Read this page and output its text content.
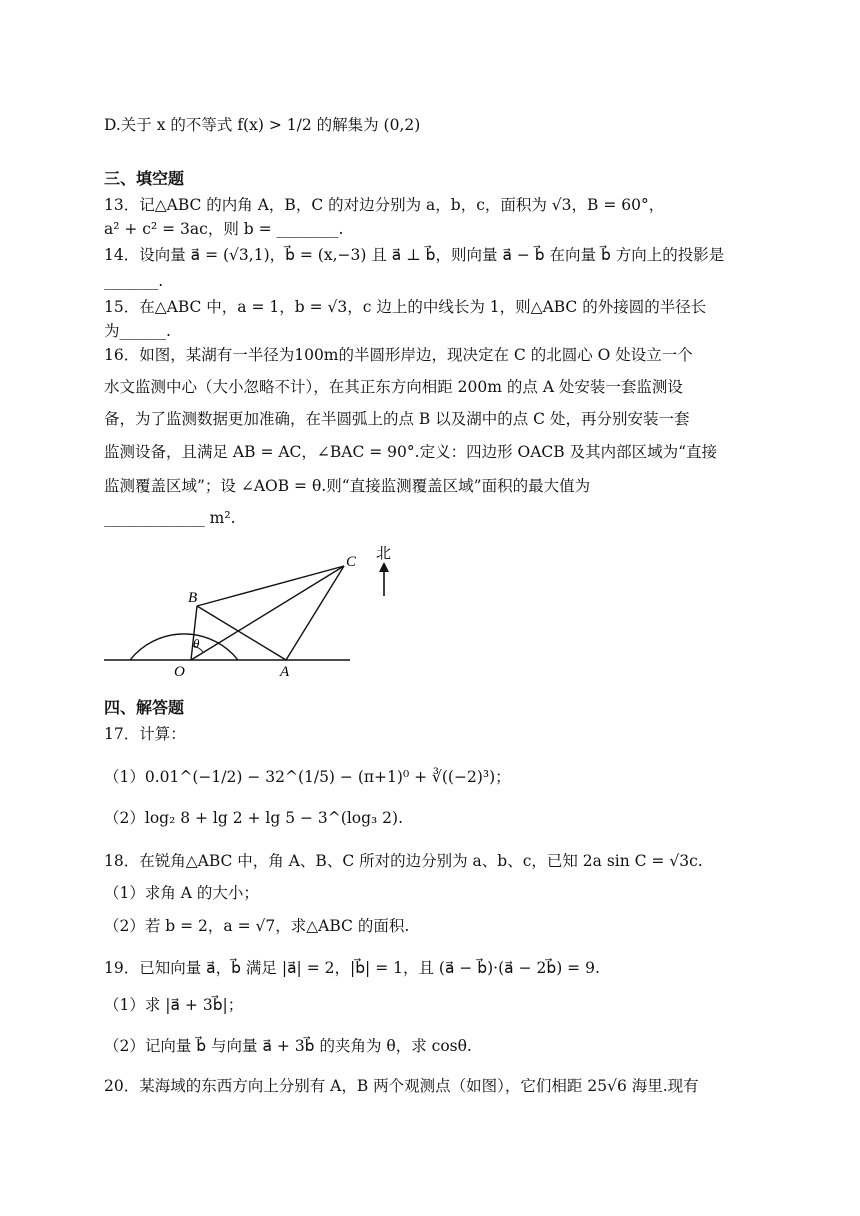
D.关于 x 的不等式 f(x) > 1/2 的解集为 (0,2)
三、填空题
13．记△ABC 的内角 A，B，C 的对边分别为 a，b，c，面积为 √3，B = 60°，
a² + c² = 3ac，则 b = ________.
14．设向量 a⃗ = (√3,1)，b⃗ = (x,−3) 且 a⃗ ⊥ b⃗，则向量 a⃗ − b⃗ 在向量 b⃗ 方向上的投影是
_______.
15．在△ABC 中，a = 1，b = √3，c 边上的中线长为 1，则△ABC 的外接圆的半径长
为______.
16．如图，某湖有一半径为100m的半圆形岸边，现决定在 C 的北圆心 O 处设立一个
水文监测中心（大小忽略不计），在其正东方向相距 200m 的点 A 处安装一套监测设
备，为了监测数据更加准确，在半圆弧上的点 B 以及湖中的点 C 处，再分别安装一套
监测设备，且满足 AB = AC，∠BAC = 90°.定义：四边形 OACB 及其内部区域为“直接
监测覆盖区域”；设 ∠AOB = θ.则“直接监测覆盖区域”面积的最大值为
_____________ m².
C
B
O	A
θ
北
四、解答题
17．计算：
（1）0.01^(−1/2) − 32^(1/5) − (π+1)⁰ + ∛((−2)³)；
（2）log₂ 8 + lg 2 + lg 5 − 3^(log₃ 2).
18．在锐角△ABC 中，角 A、B、C 所对的边分别为 a、b、c，已知 2a sin C = √3c.
（1）求角 A 的大小；
（2）若 b = 2，a = √7，求△ABC 的面积.
19．已知向量 a⃗，b⃗ 满足 |a⃗| = 2，|b⃗| = 1，且 (a⃗ − b⃗)·(a⃗ − 2b⃗) = 9.
（1）求 |a⃗ + 3b⃗|；
（2）记向量 b⃗ 与向量 a⃗ + 3b⃗ 的夹角为 θ，求 cosθ.
20．某海域的东西方向上分别有 A，B 两个观测点（如图），它们相距 25√6 海里.现有
